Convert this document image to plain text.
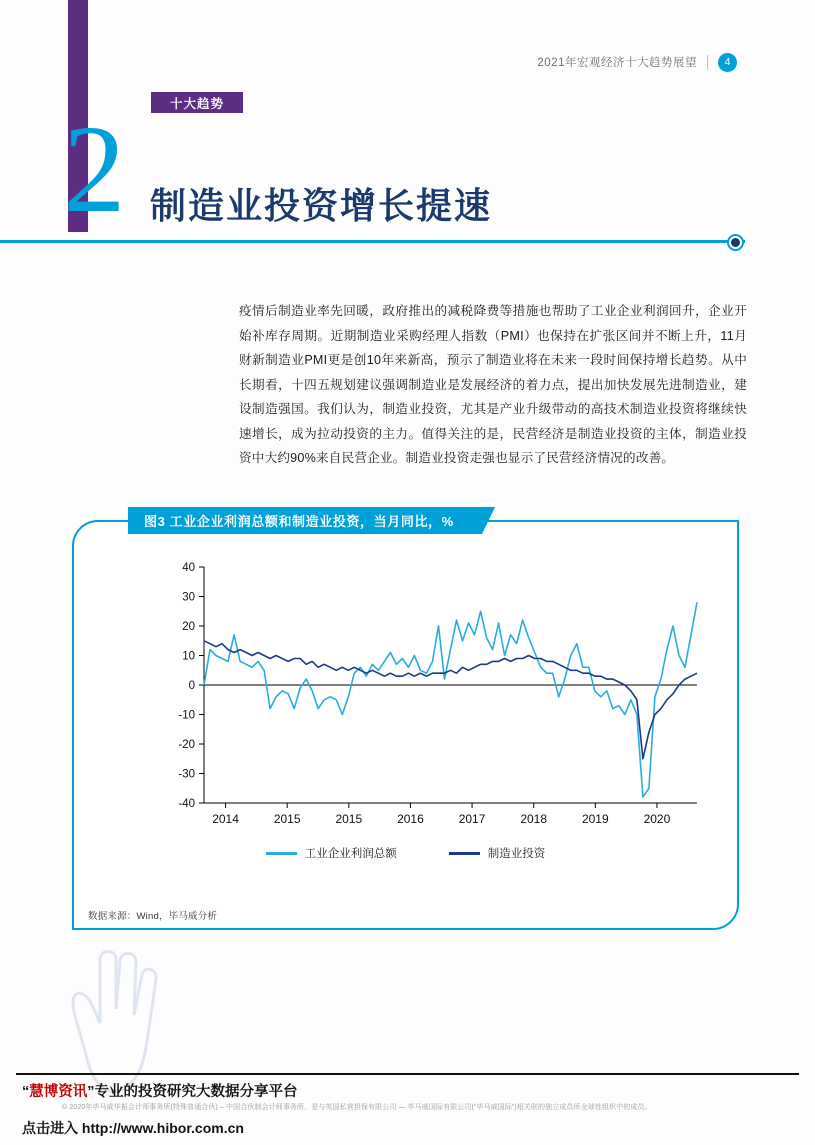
2021年宏观经济十大趋势展望	4
十大趋势
2 制造业投资增长提速
疫情后制造业率先回暖，政府推出的减税降费等措施也帮助了工业企业利润回升，企业开始补库存周期。近期制造业采购经理人指数（PMI）也保持在扩张区间并不断上升，11月财新制造业PMI更是创10年来新高，预示了制造业将在未来一段时间保持增长趋势。从中长期看，十四五规划建议强调制造业是发展经济的着力点，提出加快发展先进制造业，建设制造强国。我们认为，制造业投资，尤其是产业升级带动的高技术制造业投资将继续快速增长，成为拉动投资的主力。值得关注的是，民营经济是制造业投资的主体，制造业投资中大约90%来自民营企业。制造业投资走强也显示了民营经济情况的改善。
图3 工业企业利润总额和制造业投资，当月同比，%
-40
-30
-20
-10
0
10
20
30
40
2014	2015	2015	2016	2017	2018	2019	2020
工业企业利润总额	制造业投资
数据来源：Wind，毕马威分析
“慧博资讯”专业的投资研究大数据分享平台
© 2020年毕马威华振会计师事务所(特殊普通合伙) – 中国合伙制会计师事务所，是与英国私营担保有限公司 — 毕马威国际有限公司(“毕马威国际”)相关联的独立成员所全球性组织中的成员。
点击进入 http://www.hibor.com.cn
